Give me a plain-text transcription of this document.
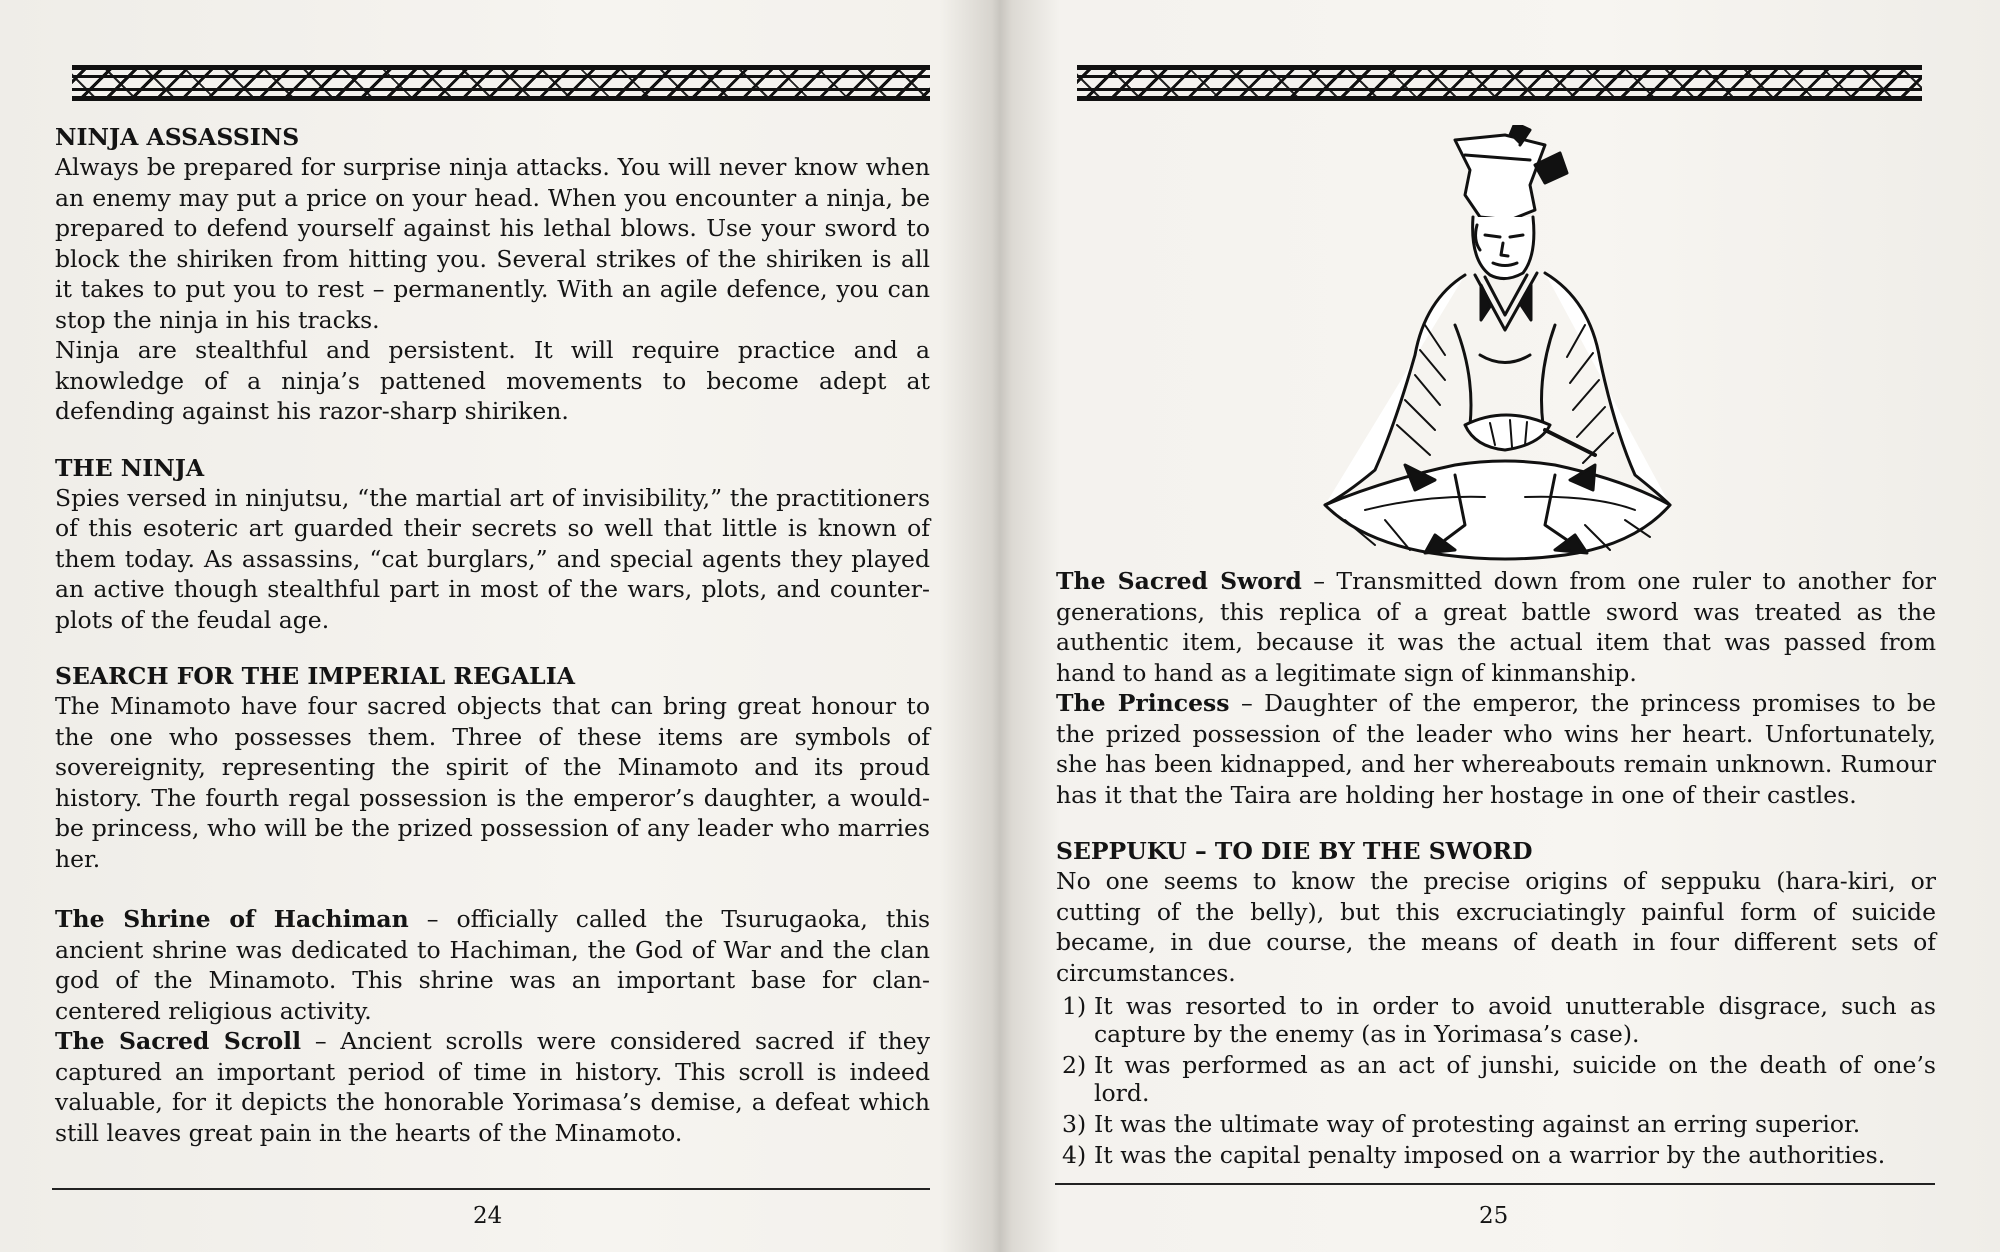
NINJA ASSASSINS

Always be prepared for surprise ninja attacks. You will never know when an enemy may put a price on your head. When you encounter a ninja, be prepared to defend yourself against his lethal blows. Use your sword to block the shiriken from hitting you. Several strikes of the shiriken is all it takes to put you to rest – permanently. With an agile defence, you can stop the ninja in his tracks.

Ninja are stealthful and persistent. It will require practice and a knowledge of a ninja’s pattened movements to become adept at defending against his razor-sharp shiriken.

THE NINJA

Spies versed in ninjutsu, “the martial art of invisibility,” the practitioners of this esoteric art guarded their secrets so well that little is known of them today. As assassins, “cat burglars,” and special agents they played an active though stealthful part in most of the wars, plots, and counter-plots of the feudal age.

SEARCH FOR THE IMPERIAL REGALIA

The Minamoto have four sacred objects that can bring great honour to the one who possesses them. Three of these items are symbols of sovereignity, representing the spirit of the Minamoto and its proud history. The fourth regal possession is the emperor’s daughter, a would-be princess, who will be the prized possession of any leader who marries her.

The Shrine of Hachiman – officially called the Tsurugaoka, this ancient shrine was dedicated to Hachiman, the God of War and the clan god of the Minamoto. This shrine was an important base for clan-centered religious activity.

The Sacred Scroll – Ancient scrolls were considered sacred if they captured an important period of time in history. This scroll is indeed valuable, for it depicts the honorable Yorimasa’s demise, a defeat which still leaves great pain in the hearts of the Minamoto.

24

The Sacred Sword – Transmitted down from one ruler to another for generations, this replica of a great battle sword was treated as the authentic item, because it was the actual item that was passed from hand to hand as a legitimate sign of kinmanship.

The Princess – Daughter of the emperor, the princess promises to be the prized possession of the leader who wins her heart. Unfortunately, she has been kidnapped, and her whereabouts remain unknown. Rumour has it that the Taira are holding her hostage in one of their castles.

SEPPUKU – TO DIE BY THE SWORD

No one seems to know the precise origins of seppuku (hara-kiri, or cutting of the belly), but this excruciatingly painful form of suicide became, in due course, the means of death in four different sets of circumstances.

1) It was resorted to in order to avoid unutterable disgrace, such as capture by the enemy (as in Yorimasa’s case).
2) It was performed as an act of junshi, suicide on the death of one’s lord.
3) It was the ultimate way of protesting against an erring superior.
4) It was the capital penalty imposed on a warrior by the authorities.
25
